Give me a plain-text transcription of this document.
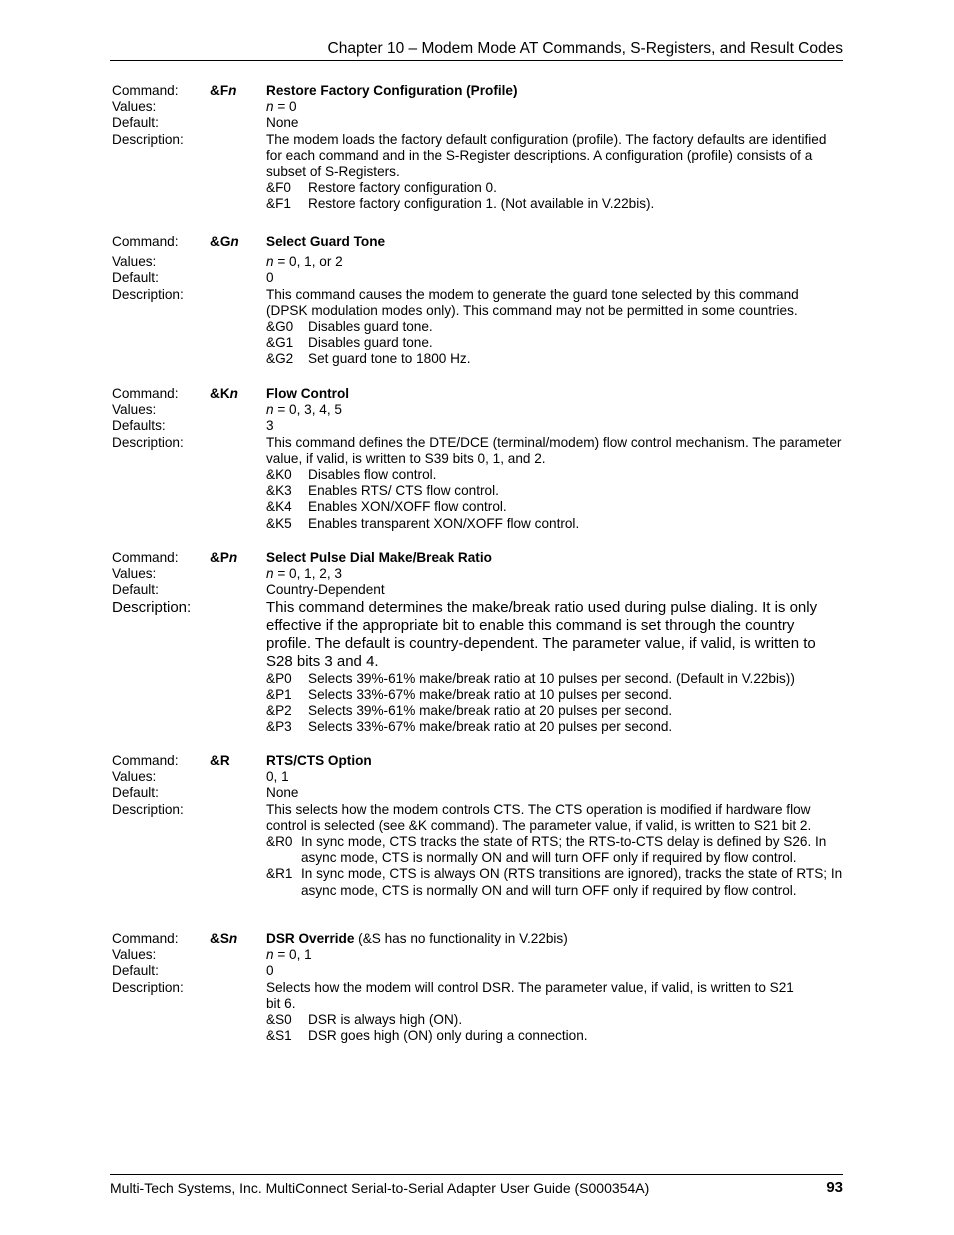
Chapter 10 – Modem Mode AT Commands, S-Registers, and Result Codes
Command:	&Fn	Restore Factory Configuration (Profile)
Values:	n = 0
Default:	None
Description:	The modem loads the factory default configuration (profile). The factory defaults are identified for each command and in the S-Register descriptions. A configuration (profile) consists of a subset of S-Registers.
&F0	Restore factory configuration 0.
&F1	Restore factory configuration 1. (Not available in V.22bis).
Command:	&Gn	Select Guard Tone
Values:	n = 0, 1, or 2
Default:	0
Description:	This command causes the modem to generate the guard tone selected by this command (DPSK modulation modes only). This command may not be permitted in some countries.
&G0	Disables guard tone.
&G1	Disables guard tone.
&G2	Set guard tone to 1800 Hz.
Command:	&Kn	Flow Control
Values:	n = 0, 3, 4, 5
Defaults:	3
Description:	This command defines the DTE/DCE (terminal/modem) flow control mechanism. The parameter value, if valid, is written to S39 bits 0, 1, and 2.
&K0	Disables flow control.
&K3	Enables RTS/ CTS flow control.
&K4	Enables XON/XOFF flow control.
&K5	Enables transparent XON/XOFF flow control.
Command:	&Pn	Select Pulse Dial Make/Break Ratio
Values:	n = 0, 1, 2, 3
Default:	Country-Dependent
Description:	This command determines the make/break ratio used during pulse dialing. It is only effective if the appropriate bit to enable this command is set through the country profile. The default is country-dependent. The parameter value, if valid, is written to S28 bits 3 and 4.
&P0	Selects 39%-61% make/break ratio at 10 pulses per second. (Default in V.22bis))
&P1	Selects 33%-67% make/break ratio at 10 pulses per second.
&P2	Selects 39%-61% make/break ratio at 20 pulses per second.
&P3	Selects 33%-67% make/break ratio at 20 pulses per second.
Command:	&R	RTS/CTS Option
Values:	0, 1
Default:	None
Description:	This selects how the modem controls CTS. The CTS operation is modified if hardware flow control is selected (see &K command). The parameter value, if valid, is written to S21 bit 2.
&R0 In sync mode, CTS tracks the state of RTS; the RTS-to-CTS delay is defined by S26. In async mode, CTS is normally ON and will turn OFF only if required by flow control.
&R1 In sync mode, CTS is always ON (RTS transitions are ignored), tracks the state of RTS; In async mode, CTS is normally ON and will turn OFF only if required by flow control.
Command:	&Sn	DSR Override (&S has no functionality in V.22bis)
Values:	n = 0, 1
Default:	0
Description:	Selects how the modem will control DSR. The parameter value, if valid, is written to S21 bit 6.
&S0	DSR is always high (ON).
&S1	DSR goes high (ON) only during a connection.
Multi-Tech Systems, Inc. MultiConnect Serial-to-Serial Adapter User Guide (S000354A)	93
